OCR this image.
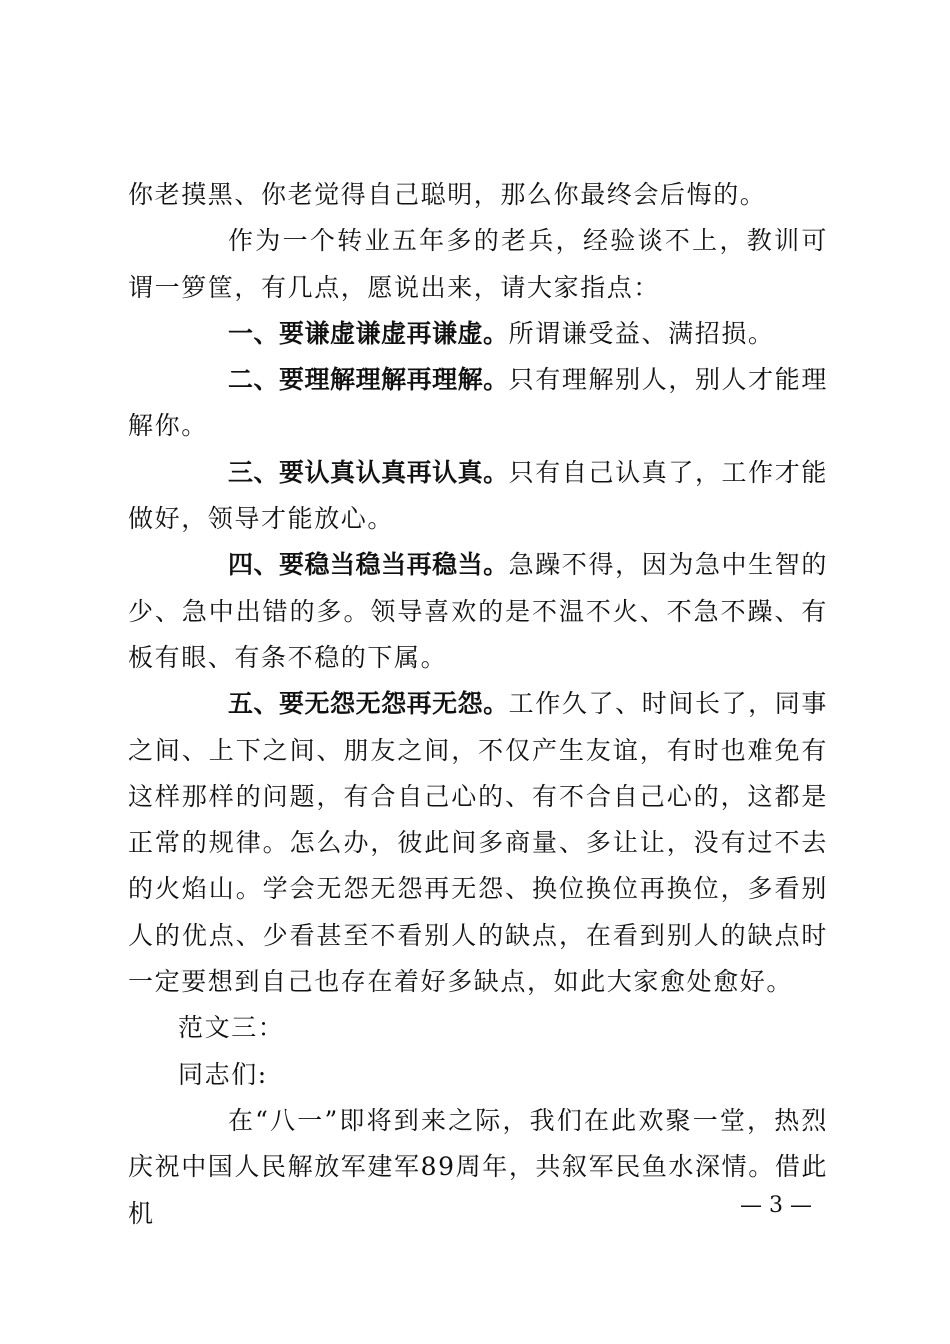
你老摸黑、你老觉得自己聪明，那么你最终会后悔的。

作为一个转业五年多的老兵，经验谈不上，教训可谓一箩筐，有几点，愿说出来，请大家指点：

一、要谦虚谦虚再谦虚。所谓谦受益、满招损。

二、要理解理解再理解。只有理解别人，别人才能理解你。

三、要认真认真再认真。只有自己认真了，工作才能做好，领导才能放心。

四、要稳当稳当再稳当。急躁不得，因为急中生智的少、急中出错的多。领导喜欢的是不温不火、不急不躁、有板有眼、有条不稳的下属。

五、要无怨无怨再无怨。工作久了、时间长了，同事之间、上下之间、朋友之间，不仅产生友谊，有时也难免有这样那样的问题，有合自己心的、有不合自己心的，这都是正常的规律。怎么办，彼此间多商量、多让让，没有过不去的火焰山。学会无怨无怨再无怨、换位换位再换位，多看别人的优点、少看甚至不看别人的缺点，在看到别人的缺点时一定要想到自己也存在着好多缺点，如此大家愈处愈好。

范文三：

同志们:

在“八一”即将到来之际，我们在此欢聚一堂，热烈庆祝中国人民解放军建军89周年，共叙军民鱼水深情。借此机	— 3 —
